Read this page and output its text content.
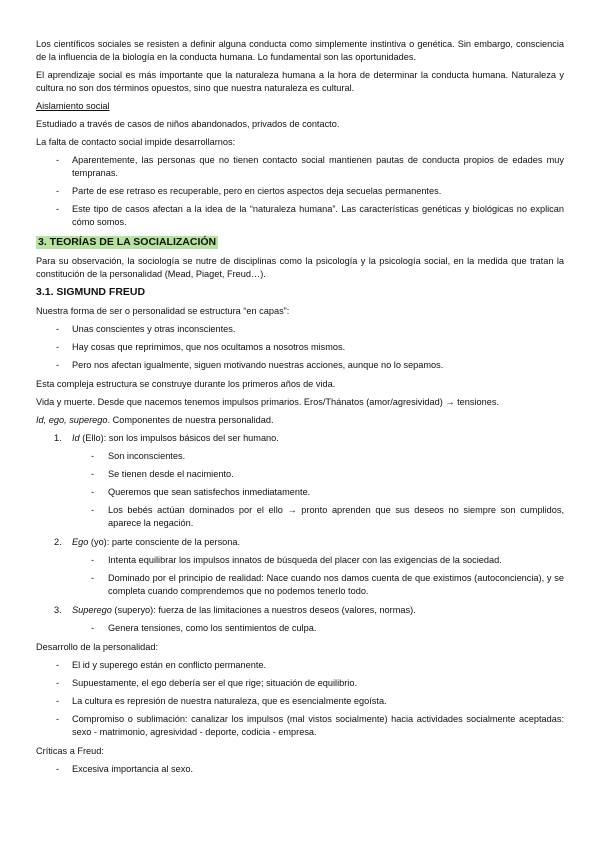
Los científicos sociales se resisten a definir alguna conducta como simplemente instintiva o genética. Sin embargo, consciencia de la influencia de la biología en la conducta humana. Lo fundamental son las oportunidades.

El aprendizaje social es más importante que la naturaleza humana a la hora de determinar la conducta humana. Naturaleza y cultura no son dos términos opuestos, sino que nuestra naturaleza es cultural.

Aislamiento social

Estudiado a través de casos de niños abandonados, privados de contacto.

La falta de contacto social impide desarrollarnos:

- Aparentemente, las personas que no tienen contacto social mantienen pautas de conducta propios de edades muy tempranas.
- Parte de ese retraso es recuperable, pero en ciertos aspectos deja secuelas permanentes.
- Este tipo de casos afectan a la idea de la “naturaleza humana”. Las características genéticas y biológicas no explican cómo somos.
3. TEORÍAS DE LA SOCIALIZACIÓN

Para su observación, la sociología se nutre de disciplinas como la psicología y la psicología social, en la medida que tratan la constitución de la personalidad (Mead, Piaget, Freud…).

3.1. SIGMUND FREUD

Nuestra forma de ser o personalidad se estructura “en capas”:

- Unas conscientes y otras inconscientes.
- Hay cosas que reprimimos, que nos ocultamos a nosotros mismos.
- Pero nos afectan igualmente, siguen motivando nuestras acciones, aunque no lo sepamos.

Esta compleja estructura se construye durante los primeros años de vida.

Vida y muerte. Desde que nacemos tenemos impulsos primarios. Eros/Thánatos (amor/agresividad) → tensiones.

Id, ego, superego. Componentes de nuestra personalidad.

1. Id (Ello): son los impulsos básicos del ser humano.
- Son inconscientes.
- Se tienen desde el nacimiento.
- Queremos que sean satisfechos inmediatamente.
- Los bebés actúan dominados por el ello → pronto aprenden que sus deseos no siempre son cumplidos, aparece la negación.
2. Ego (yo): parte consciente de la persona.
- Intenta equilibrar los impulsos innatos de búsqueda del placer con las exigencias de la sociedad.
- Dominado por el principio de realidad: Nace cuando nos damos cuenta de que existimos (autoconciencia), y se completa cuando comprendemos que no podemos tenerlo todo.
3. Superego (superyo): fuerza de las limitaciones a nuestros deseos (valores, normas).
- Genera tensiones, como los sentimientos de culpa.

Desarrollo de la personalidad:

- El id y superego están en conflicto permanente.
- Supuestamente, el ego debería ser el que rige; situación de equilibrio.
- La cultura es represión de nuestra naturaleza, que es esencialmente egoísta.
- Compromiso o sublimación: canalizar los impulsos (mal vistos socialmente) hacia actividades socialmente aceptadas: sexo - matrimonio, agresividad - deporte, codicia - empresa.

Críticas a Freud:

- Excesiva importancia al sexo.
